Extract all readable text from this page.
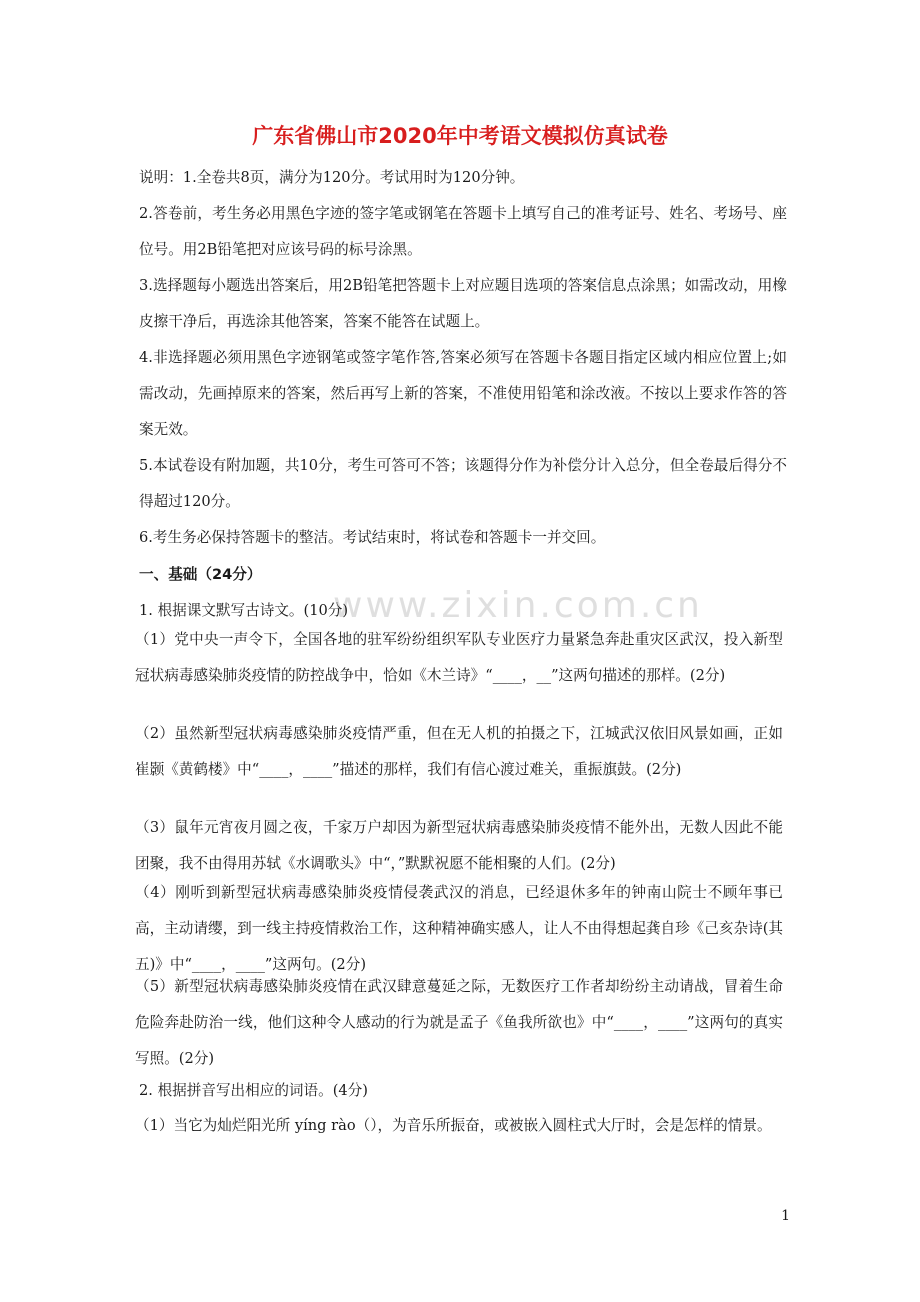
广东省佛山市2020年中考语文模拟仿真试卷
www.zixin.com.cn

说明：1.全卷共8页，满分为120分。考试用时为120分钟。

2.答卷前，考生务必用黑色字迹的签字笔或钢笔在答题卡上填写自己的准考证号、姓名、考场号、座位号。用2B铅笔把对应该号码的标号涂黑。

3.选择题每小题选出答案后，用2B铅笔把答题卡上对应题目选项的答案信息点涂黑；如需改动，用橡皮擦干净后，再选涂其他答案，答案不能答在试题上。

4.非选择题必须用黑色字迹钢笔或签字笔作答,答案必须写在答题卡各题目指定区域内相应位置上;如需改动，先画掉原来的答案，然后再写上新的答案，不准使用铅笔和涂改液。不按以上要求作答的答案无效。

5.本试卷设有附加题，共10分，考生可答可不答；该题得分作为补偿分计入总分，但全卷最后得分不得超过120分。

6.考生务必保持答题卡的整洁。考试结束时，将试卷和答题卡一并交回。

一、基础（24分）

1. 根据课文默写古诗文。(10分)

（1）党中央一声令下，全国各地的驻军纷纷组织军队专业医疗力量紧急奔赴重灾区武汉，投入新型冠状病毒感染肺炎疫情的防控战争中，恰如《木兰诗》“____，__”这两句描述的那样。(2分)

（2）虽然新型冠状病毒感染肺炎疫情严重，但在无人机的拍摄之下，江城武汉依旧风景如画，正如崔颢《黄鹤楼》中“____，____”描述的那样，我们有信心渡过难关，重振旗鼓。(2分)

（3）鼠年元宵夜月圆之夜，千家万户却因为新型冠状病毒感染肺炎疫情不能外出，无数人因此不能团聚，我不由得用苏轼《水调歌头》中“，”默默祝愿不能相聚的人们。(2分)

（4）刚听到新型冠状病毒感染肺炎疫情侵袭武汉的消息，已经退休多年的钟南山院士不顾年事已高，主动请缨，到一线主持疫情救治工作，这种精神确实感人，让人不由得想起龚自珍《己亥杂诗(其五)》中“____，____”这两句。(2分)

（5）新型冠状病毒感染肺炎疫情在武汉肆意蔓延之际，无数医疗工作者却纷纷主动请战，冒着生命危险奔赴防治一线，他们这种令人感动的行为就是孟子《鱼我所欲也》中“____，____”这两句的真实写照。(2分)

2. 根据拼音写出相应的词语。(4分)

（1）当它为灿烂阳光所 yíng rào（），为音乐所振奋，或被嵌入圆柱式大厅时，会是怎样的情景。

1
